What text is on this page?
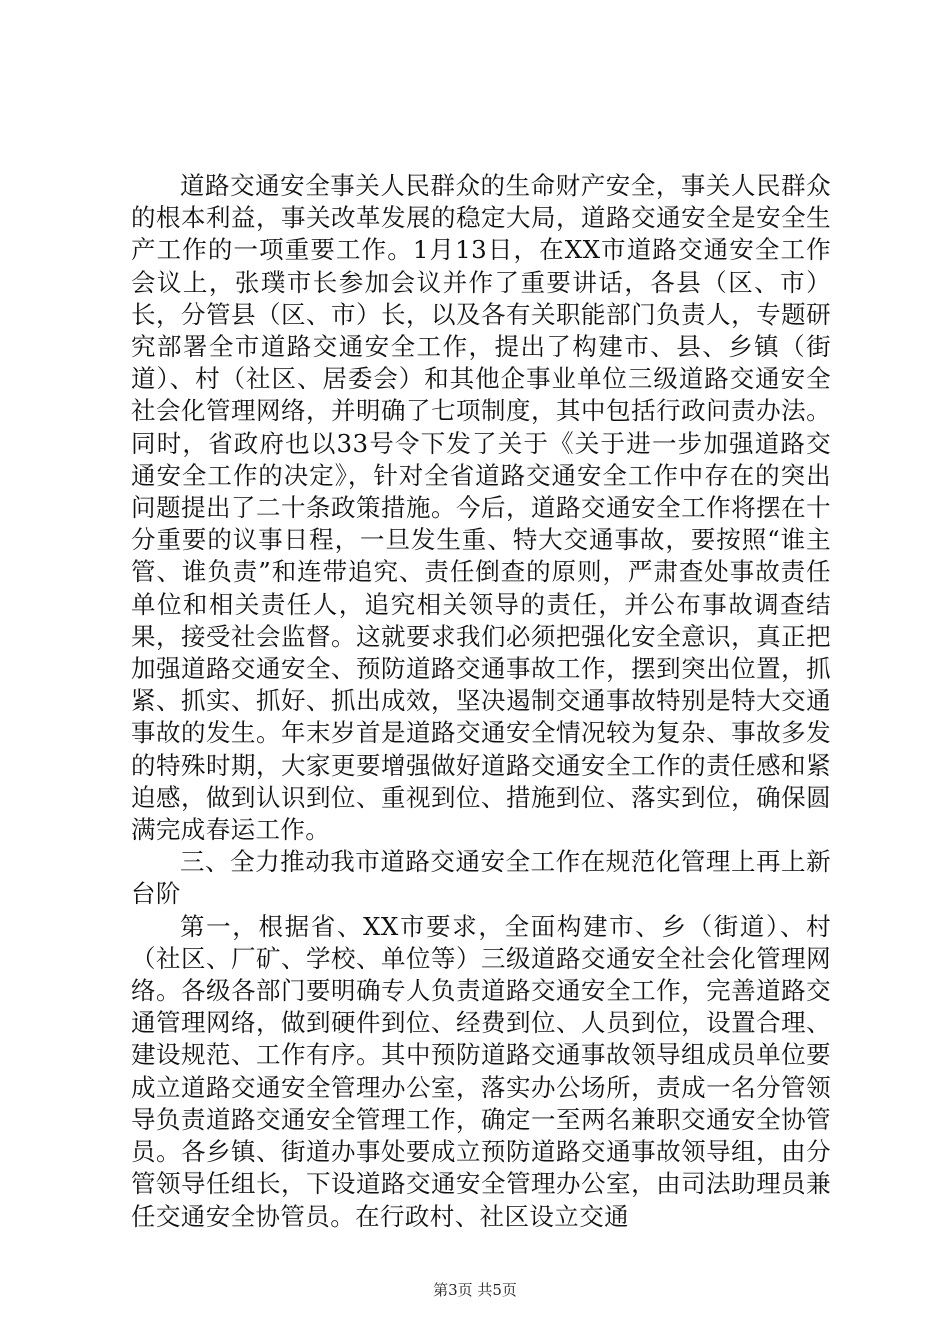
道路交通安全事关人民群众的生命财产安全，事关人民群众的根本利益，事关改革发展的稳定大局，道路交通安全是安全生产工作的一项重要工作。1月13日，在XX市道路交通安全工作会议上，张璞市长参加会议并作了重要讲话，各县（区、市）长，分管县（区、市）长，以及各有关职能部门负责人，专题研究部署全市道路交通安全工作，提出了构建市、县、乡镇（街道）、村（社区、居委会）和其他企事业单位三级道路交通安全社会化管理网络，并明确了七项制度，其中包括行政问责办法。同时，省政府也以33号令下发了关于《关于进一步加强道路交通安全工作的决定》，针对全省道路交通安全工作中存在的突出问题提出了二十条政策措施。今后，道路交通安全工作将摆在十分重要的议事日程，一旦发生重、特大交通事故，要按照“谁主管、谁负责”和连带追究、责任倒查的原则，严肃查处事故责任单位和相关责任人，追究相关领导的责任，并公布事故调查结果，接受社会监督。这就要求我们必须把强化安全意识，真正把加强道路交通安全、预防道路交通事故工作，摆到突出位置，抓紧、抓实、抓好、抓出成效，坚决遏制交通事故特别是特大交通事故的发生。年末岁首是道路交通安全情况较为复杂、事故多发的特殊时期，大家更要增强做好道路交通安全工作的责任感和紧迫感，做到认识到位、重视到位、措施到位、落实到位，确保圆满完成春运工作。

三、全力推动我市道路交通安全工作在规范化管理上再上新台阶

第一，根据省、XX市要求，全面构建市、乡（街道）、村（社区、厂矿、学校、单位等）三级道路交通安全社会化管理网络。各级各部门要明确专人负责道路交通安全工作，完善道路交通管理网络，做到硬件到位、经费到位、人员到位，设置合理、建设规范、工作有序。其中预防道路交通事故领导组成员单位要成立道路交通安全管理办公室，落实办公场所，责成一名分管领导负责道路交通安全管理工作，确定一至两名兼职交通安全协管员。各乡镇、街道办事处要成立预防道路交通事故领导组，由分管领导任组长，下设道路交通安全管理办公室，由司法助理员兼任交通安全协管员。在行政村、社区设立交通

第3页 共5页
